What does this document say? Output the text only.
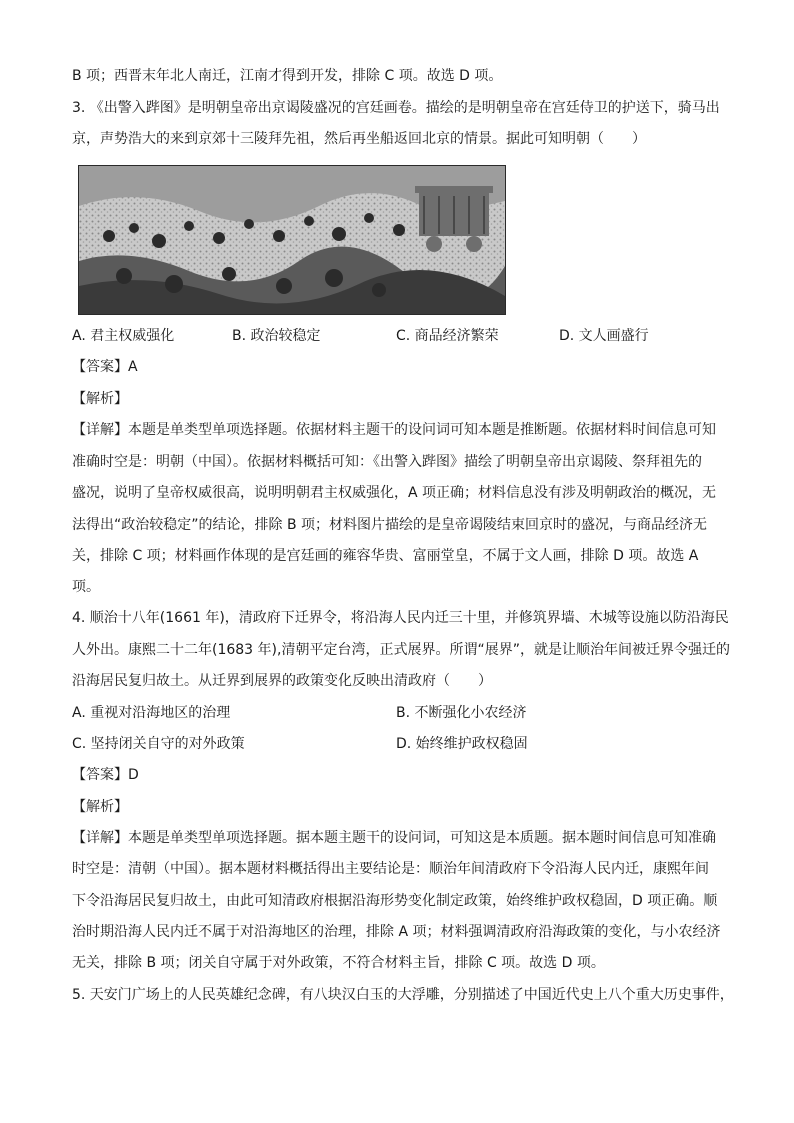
B 项；西晋末年北人南迁，江南才得到开发，排除 C 项。故选 D 项。
3. 《出警入跸图》是明朝皇帝出京谒陵盛况的宫廷画卷。描绘的是明朝皇帝在宫廷侍卫的护送下，骑马出
京，声势浩大的来到京郊十三陵拜先祖，然后再坐船返回北京的情景。据此可知明朝（　　）
A. 君主权威强化	B. 政治较稳定	C. 商品经济繁荣	D. 文人画盛行
【答案】A
【解析】
【详解】本题是单类型单项选择题。依据材料主题干的设问词可知本题是推断题。依据材料时间信息可知
准确时空是：明朝（中国）。依据材料概括可知：《出警入跸图》描绘了明朝皇帝出京谒陵、祭拜祖先的
盛况，说明了皇帝权威很高，说明明朝君主权威强化，A 项正确；材料信息没有涉及明朝政治的概况，无
法得出“政治较稳定”的结论，排除 B 项；材料图片描绘的是皇帝谒陵结束回京时的盛况，与商品经济无
关，排除 C 项；材料画作体现的是宫廷画的雍容华贵、富丽堂皇，不属于文人画，排除 D 项。故选 A
项。
4. 顺治十八年(1661 年)，清政府下迁界令，将沿海人民内迁三十里，并修筑界墙、木城等设施以防沿海民
人外出。康熙二十二年(1683 年),清朝平定台湾，正式展界。所谓“展界”，就是让顺治年间被迁界令强迁的
沿海居民复归故土。从迁界到展界的政策变化反映出清政府（　　）
A. 重视对沿海地区的治理	B. 不断强化小农经济
C. 坚持闭关自守的对外政策	D. 始终维护政权稳固
【答案】D
【解析】
【详解】本题是单类型单项选择题。据本题主题干的设问词，可知这是本质题。据本题时间信息可知准确
时空是：清朝（中国）。据本题材料概括得出主要结论是：顺治年间清政府下令沿海人民内迁，康熙年间
下令沿海居民复归故土，由此可知清政府根据沿海形势变化制定政策，始终维护政权稳固，D 项正确。顺
治时期沿海人民内迁不属于对沿海地区的治理，排除 A 项；材料强调清政府沿海政策的变化，与小农经济
无关，排除 B 项；闭关自守属于对外政策，不符合材料主旨，排除 C 项。故选 D 项。
5. 天安门广场上的人民英雄纪念碑，有八块汉白玉的大浮雕，分别描述了中国近代史上八个重大历史事件，
